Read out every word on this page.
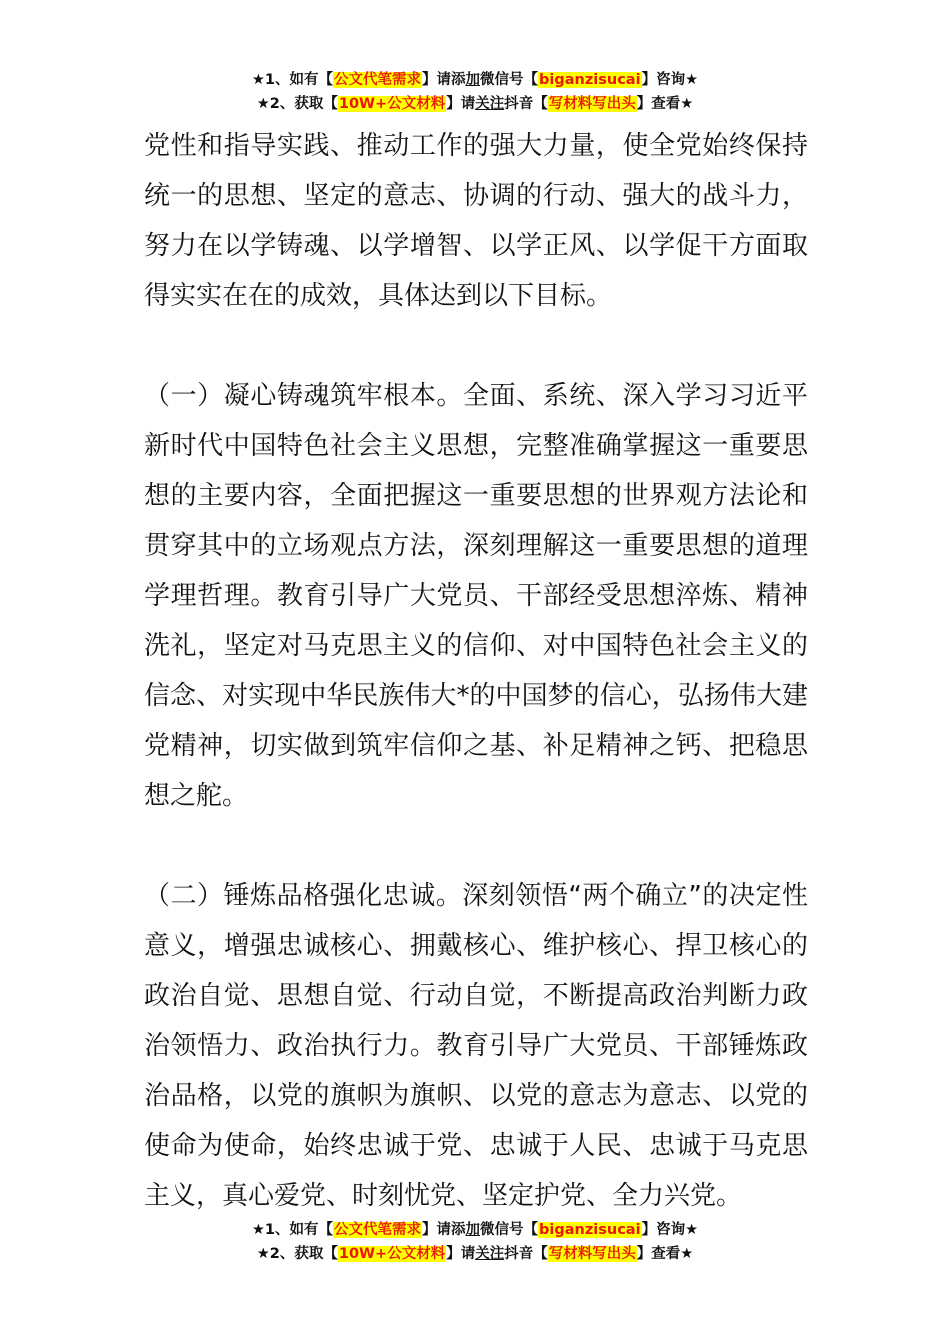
★1、如有【公文代笔需求】请添加微信号【biganzisucai】咨询★
★2、获取【10W+公文材料】请关注抖音【写材料写出头】查看★

党性和指导实践、推动工作的强大力量，使全党始终保持统一的思想、坚定的意志、协调的行动、强大的战斗力，努力在以学铸魂、以学增智、以学正风、以学促干方面取得实实在在的成效，具体达到以下目标。

（一）凝心铸魂筑牢根本。全面、系统、深入学习习近平新时代中国特色社会主义思想，完整准确掌握这一重要思想的主要内容，全面把握这一重要思想的世界观方法论和贯穿其中的立场观点方法，深刻理解这一重要思想的道理学理哲理。教育引导广大党员、干部经受思想淬炼、精神洗礼，坚定对马克思主义的信仰、对中国特色社会主义的信念、对实现中华民族伟大*的中国梦的信心，弘扬伟大建党精神，切实做到筑牢信仰之基、补足精神之钙、把稳思想之舵。

（二）锤炼品格强化忠诚。深刻领悟“两个确立”的决定性意义，增强忠诚核心、拥戴核心、维护核心、捍卫核心的政治自觉、思想自觉、行动自觉，不断提高政治判断力政治领悟力、政治执行力。教育引导广大党员、干部锤炼政治品格，以党的旗帜为旗帜、以党的意志为意志、以党的使命为使命，始终忠诚于党、忠诚于人民、忠诚于马克思主义，真心爱党、时刻忧党、坚定护党、全力兴党。

★1、如有【公文代笔需求】请添加微信号【biganzisucai】咨询★
★2、获取【10W+公文材料】请关注抖音【写材料写出头】查看★
